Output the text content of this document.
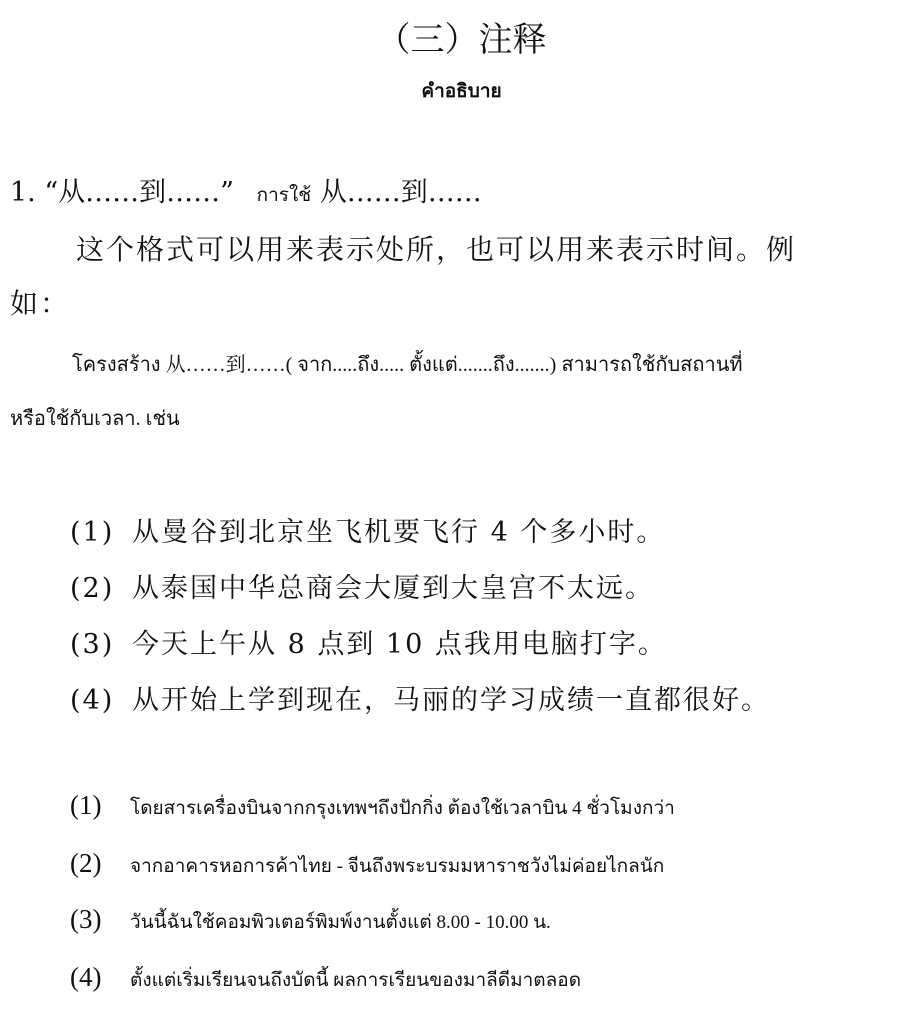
（三）注释
คำอธิบาย
1. “从……到……” การใช้ 从……到……
这个格式可以用来表示处所，也可以用来表示时间。例
如：
โครงสร้าง 从……到……( จาก.....ถึง..... ตั้งแต่.......ถึง.......) สามารถใช้กับสถานที่
หรือใช้กับเวลา. เช่น
(1) 从曼谷到北京坐飞机要飞行 4 个多小时。
(2) 从泰国中华总商会大厦到大皇宫不太远。
(3) 今天上午从 8 点到 10 点我用电脑打字。
(4) 从开始上学到现在，马丽的学习成绩一直都很好。
(1) โดยสารเครื่องบินจากกรุงเทพฯถึงปักกิ่ง ต้องใช้เวลาบิน 4 ชั่วโมงกว่า
(2) จากอาคารหอการค้าไทย - จีนถึงพระบรมมหาราชวังไม่ค่อยไกลนัก
(3) วันนี้ฉันใช้คอมพิวเตอร์พิมพ์งานตั้งแต่ 8.00 - 10.00 น.
(4) ตั้งแต่เริ่มเรียนจนถึงบัดนี้ ผลการเรียนของมาลีดีมาตลอด
